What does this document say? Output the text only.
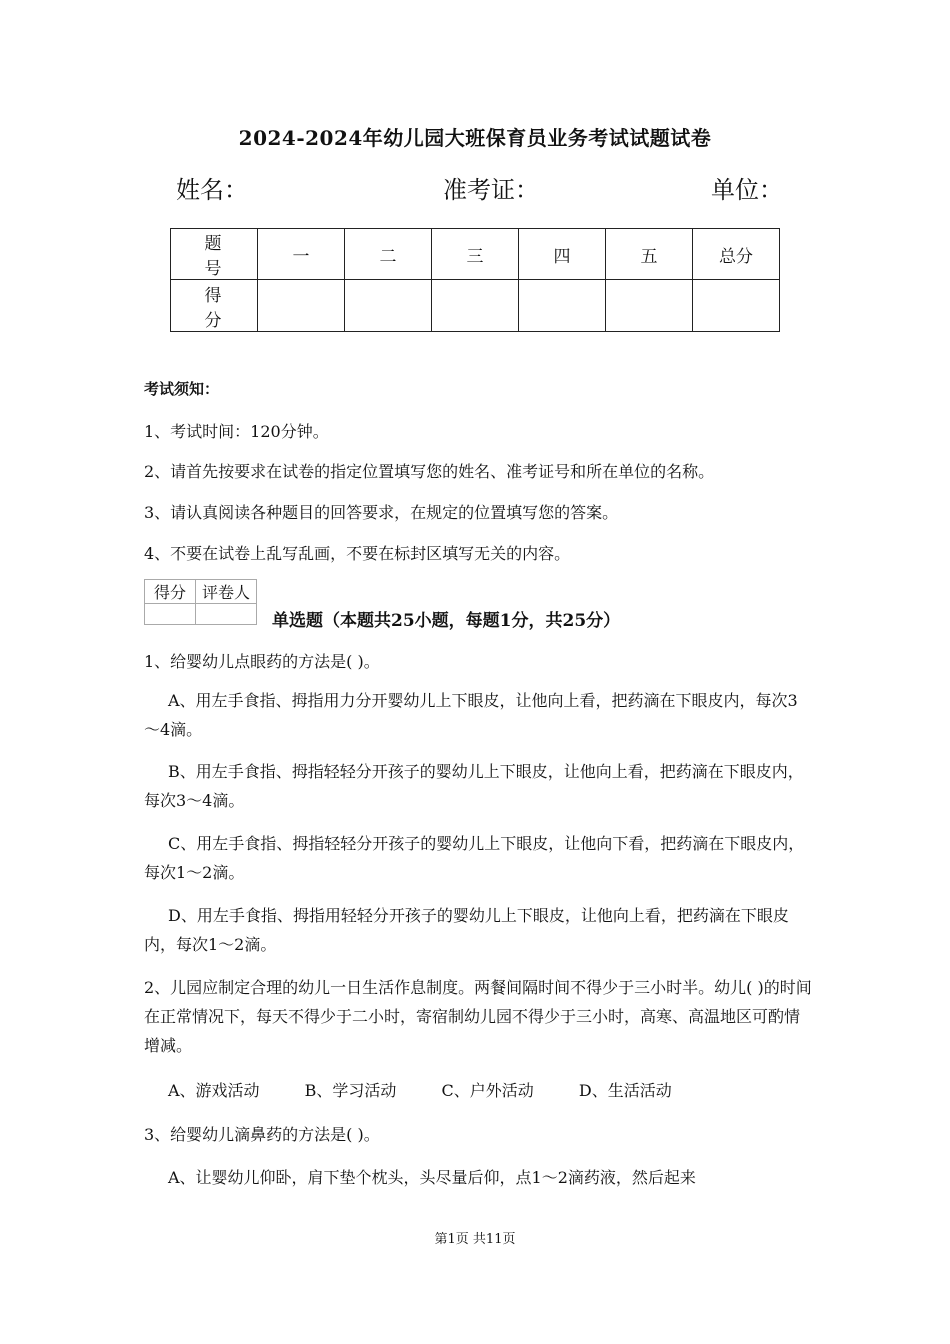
2024-2024年幼儿园大班保育员业务考试试题试卷
姓名：	准考证：	单位：
题 号	一	二	三	四	五	总分
得 分						
考试须知：
1、考试时间：120分钟。
2、请首先按要求在试卷的指定位置填写您的姓名、准考证号和所在单位的名称。
3、请认真阅读各种题目的回答要求，在规定的位置填写您的答案。
4、不要在试卷上乱写乱画，不要在标封区填写无关的内容。
得分	评卷人

单选题（本题共25小题，每题1分，共25分）
1、给婴幼儿点眼药的方法是( )。
A、用左手食指、拇指用力分开婴幼儿上下眼皮，让他向上看，把药滴在下眼皮内，每次3～4滴。
B、用左手食指、拇指轻轻分开孩子的婴幼儿上下眼皮，让他向上看，把药滴在下眼皮内，每次3～4滴。
C、用左手食指、拇指轻轻分开孩子的婴幼儿上下眼皮，让他向下看，把药滴在下眼皮内，每次1～2滴。
D、用左手食指、拇指用轻轻分开孩子的婴幼儿上下眼皮，让他向上看，把药滴在下眼皮内，每次1～2滴。
2、儿园应制定合理的幼儿一日生活作息制度。两餐间隔时间不得少于三小时半。幼儿( )的时间在正常情况下，每天不得少于二小时，寄宿制幼儿园不得少于三小时，高寒、高温地区可酌情增减。
A、游戏活动	B、学习活动	C、户外活动	D、生活活动
3、给婴幼儿滴鼻药的方法是( )。
A、让婴幼儿仰卧，肩下垫个枕头，头尽量后仰，点1～2滴药液，然后起来
第1页 共11页
